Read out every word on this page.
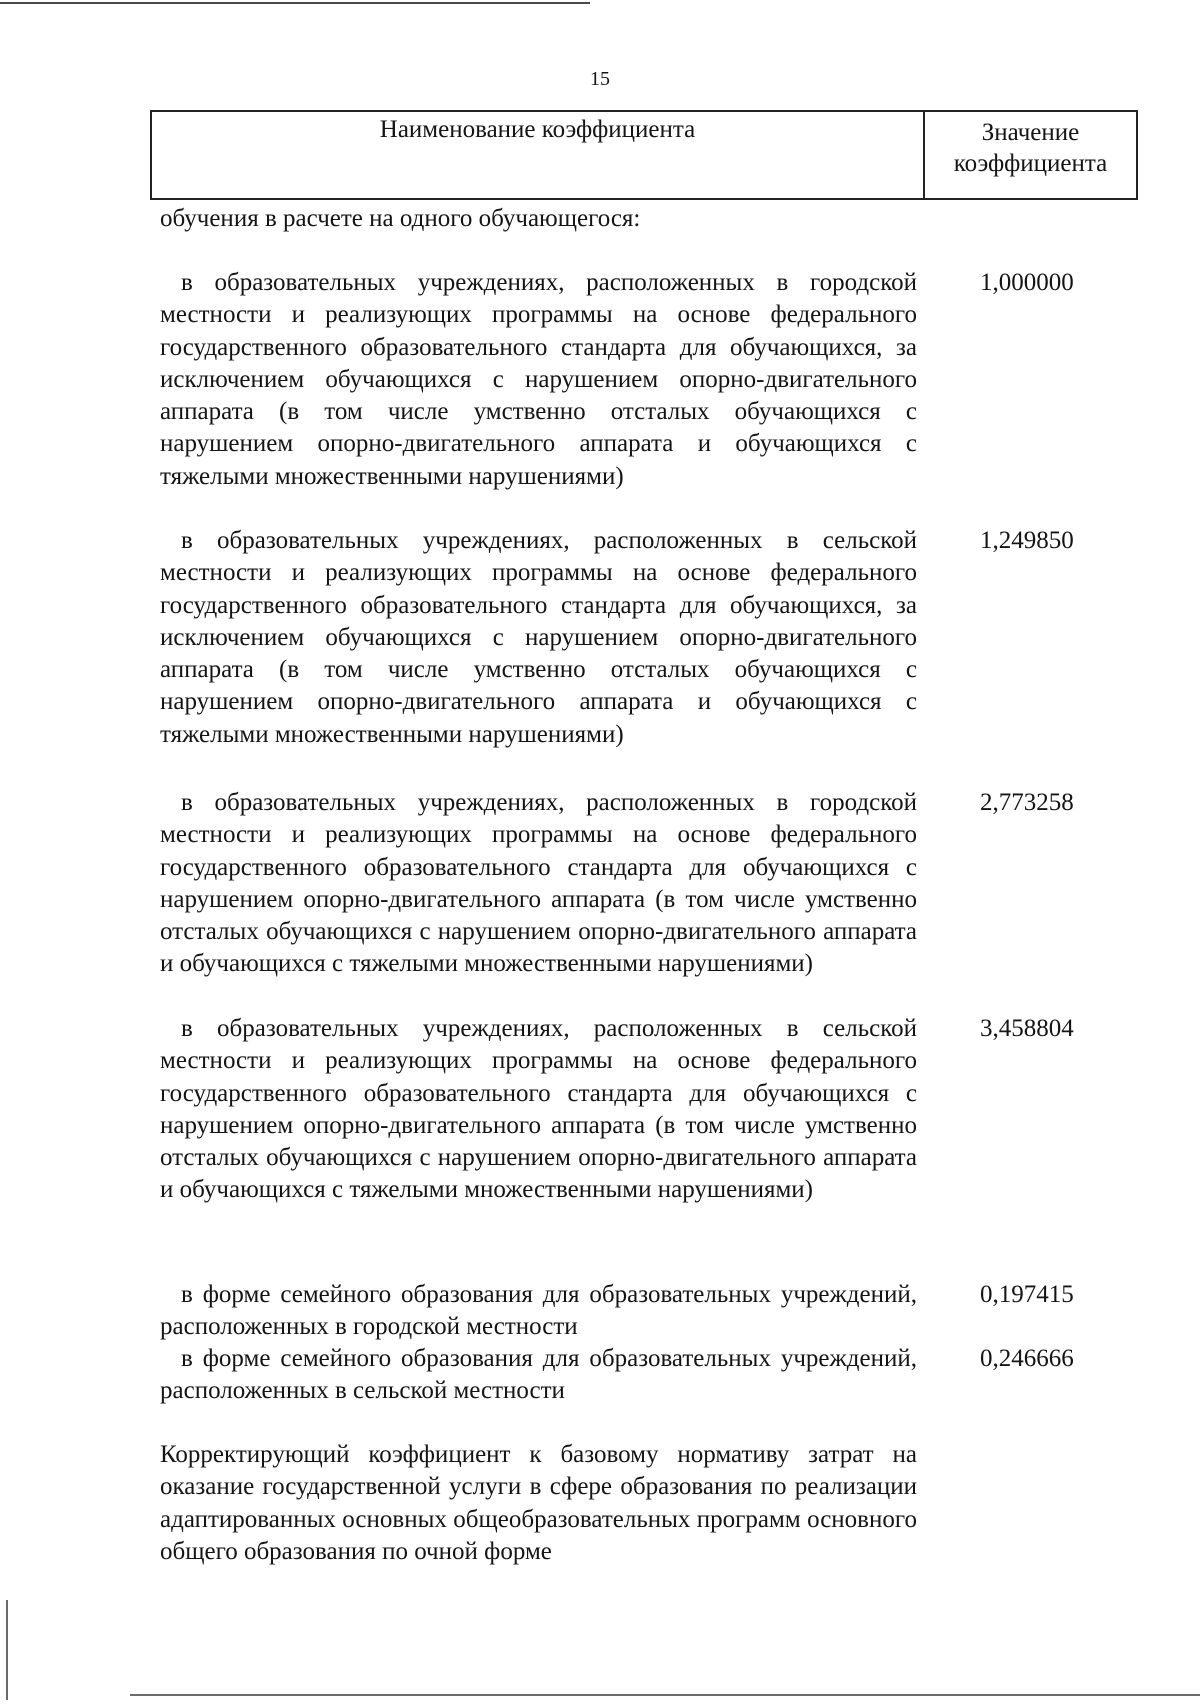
15
Наименование коэффициента	Значение
коэффициента
обучения в расчете на одного обучающегося:
в образовательных учреждениях, расположенных в городской местности и реализующих программы на основе федерального государственного образовательного стандарта для обучающихся, за исключением обучающихся с нарушением опорно-двигательного аппарата (в том числе умственно отсталых обучающихся с нарушением опорно-двигательного аппарата и обучающихся с тяжелыми множественными нарушениями)
1,000000
в образовательных учреждениях, расположенных в сельской местности и реализующих программы на основе федерального государственного образовательного стандарта для обучающихся, за исключением обучающихся с нарушением опорно-двигательного аппарата (в том числе умственно отсталых обучающихся с нарушением опорно-двигательного аппарата и обучающихся с тяжелыми множественными нарушениями)
1,249850
в образовательных учреждениях, расположенных в городской местности и реализующих программы на основе федерального государственного образовательного стандарта для обучающихся с нарушением опорно-двигательного аппарата (в том числе умственно отсталых обучающихся с нарушением опорно-двигательного аппарата и обучающихся с тяжелыми множественными нарушениями)
2,773258
в образовательных учреждениях, расположенных в сельской местности и реализующих программы на основе федерального государственного образовательного стандарта для обучающихся с нарушением опорно-двигательного аппарата (в том числе умственно отсталых обучающихся с нарушением опорно-двигательного аппарата и обучающихся с тяжелыми множественными нарушениями)
3,458804
в форме семейного образования для образовательных учреждений, расположенных в городской местности
0,197415
в форме семейного образования для образовательных учреждений, расположенных в сельской местности
0,246666
Корректирующий коэффициент к базовому нормативу затрат на оказание государственной услуги в сфере образования по реализации адаптированных основных общеобразовательных программ основного общего образования по очной форме
